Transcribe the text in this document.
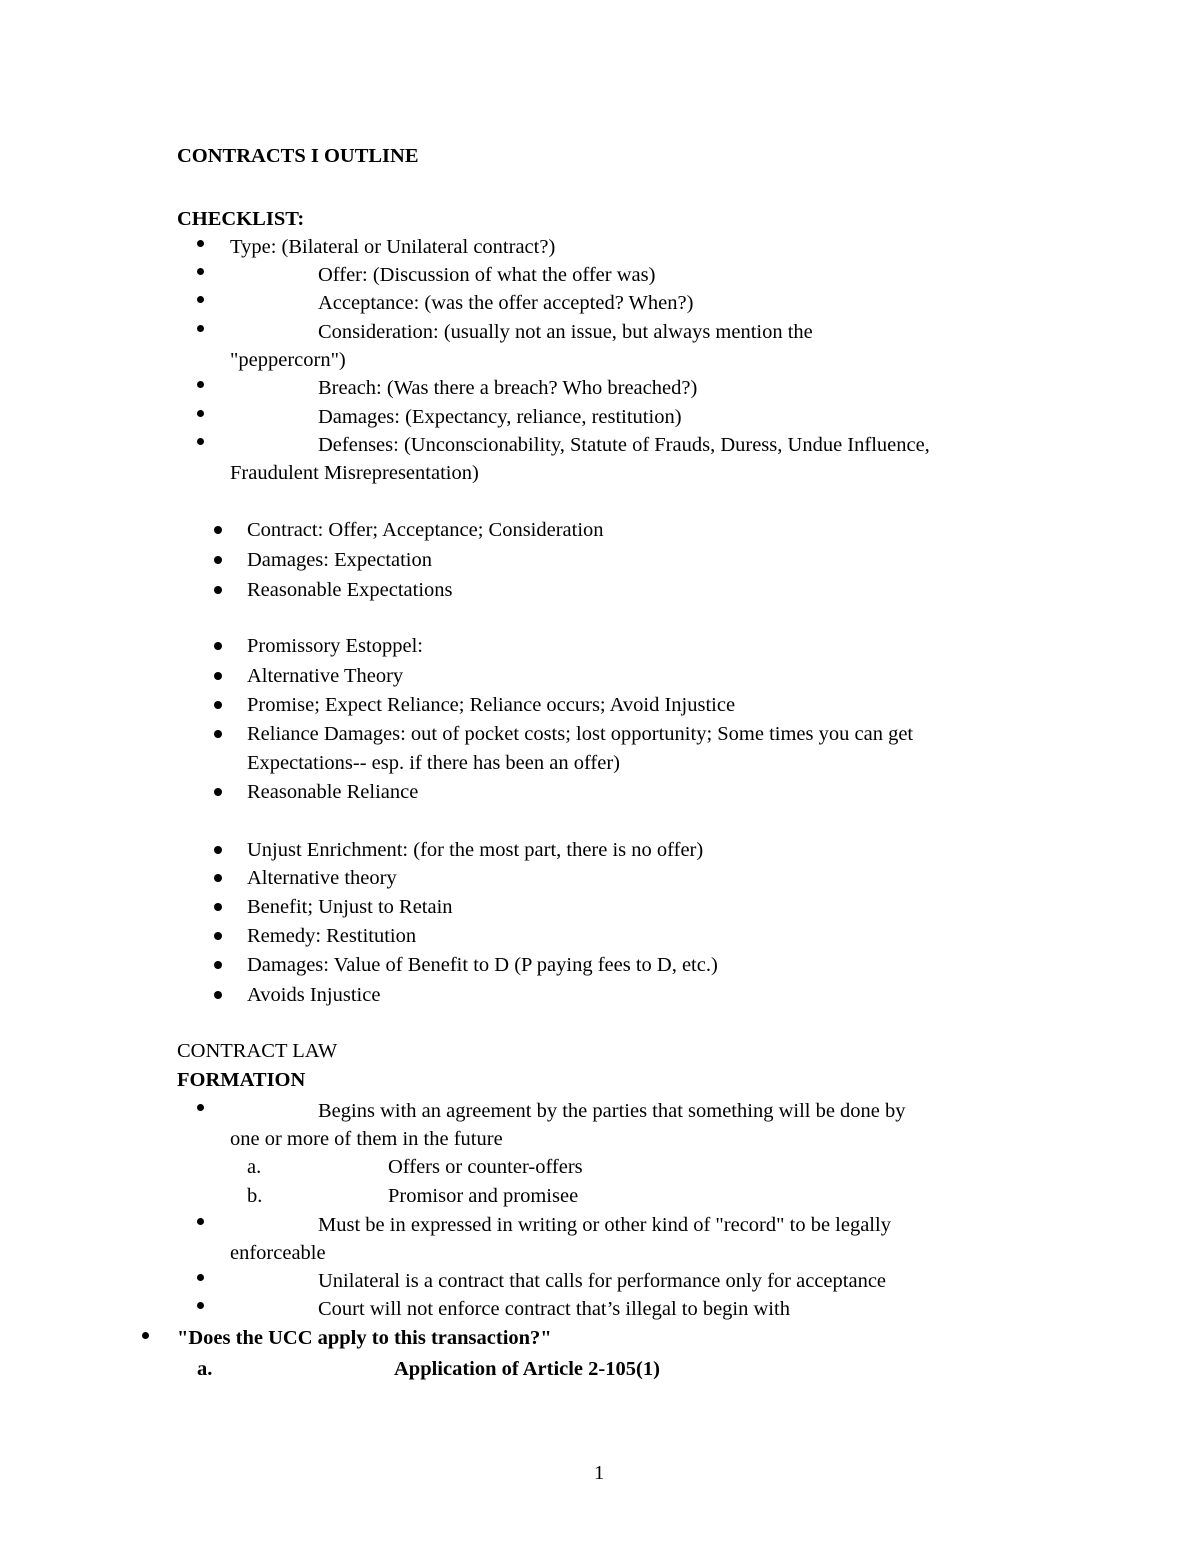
CONTRACTS I OUTLINE
CHECKLIST:
Type: (Bilateral or Unilateral contract?)
Offer: (Discussion of what the offer was)
Acceptance: (was the offer accepted? When?)
Consideration: (usually not an issue, but always mention the
"peppercorn")
Breach: (Was there a breach? Who breached?)
Damages: (Expectancy, reliance, restitution)
Defenses: (Unconscionability, Statute of Frauds, Duress, Undue Influence,
Fraudulent Misrepresentation)
Contract: Offer; Acceptance; Consideration
Damages: Expectation
Reasonable Expectations
Promissory Estoppel:
Alternative Theory
Promise; Expect Reliance; Reliance occurs; Avoid Injustice
Reliance Damages: out of pocket costs; lost opportunity; Some times you can get
Expectations-- esp. if there has been an offer)
Reasonable Reliance
Unjust Enrichment: (for the most part, there is no offer)
Alternative theory
Benefit; Unjust to Retain
Remedy: Restitution
Damages: Value of Benefit to D (P paying fees to D, etc.)
Avoids Injustice
CONTRACT LAW
FORMATION
Begins with an agreement by the parties that something will be done by
one or more of them in the future
a.	Offers or counter-offers
b.	Promisor and promisee
Must be in expressed in writing or other kind of "record" to be legally
enforceable
Unilateral is a contract that calls for performance only for acceptance
Court will not enforce contract that’s illegal to begin with
"Does the UCC apply to this transaction?"
a.	Application of Article 2-105(1)
1
